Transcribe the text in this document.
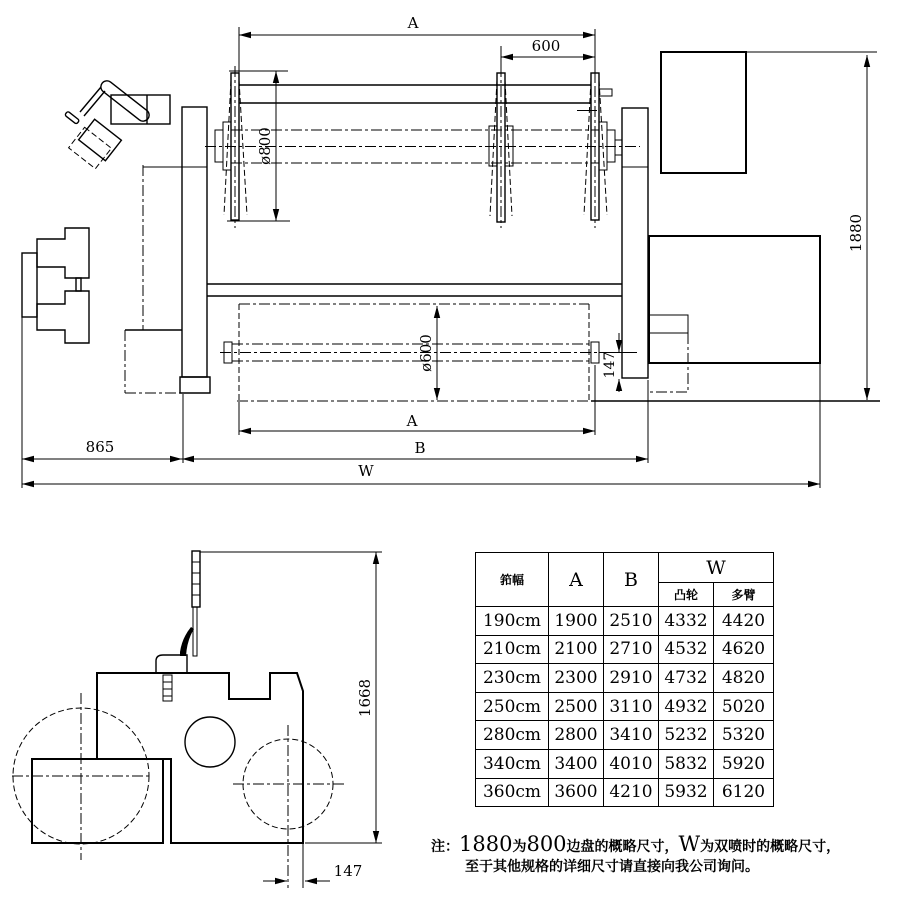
A
600
ø800
ø600	147
865
A
B
W
1880
1668
147
筘幅	A	B	W	
			凸轮	多臂
190cm	1900	2510	4332	4420
210cm	2100	2710	4532	4620
230cm	2300	2910	4732	4820
250cm	2500	3110	4932	5020
280cm	2800	3410	5232	5320
340cm	3400	4010	5832	5920
360cm	3600	4210	5932	6120
注：1880为800边盘的概略尺寸，W为双喷时的概略尺寸，
至于其他规格的详细尺寸请直接向我公司询问。
